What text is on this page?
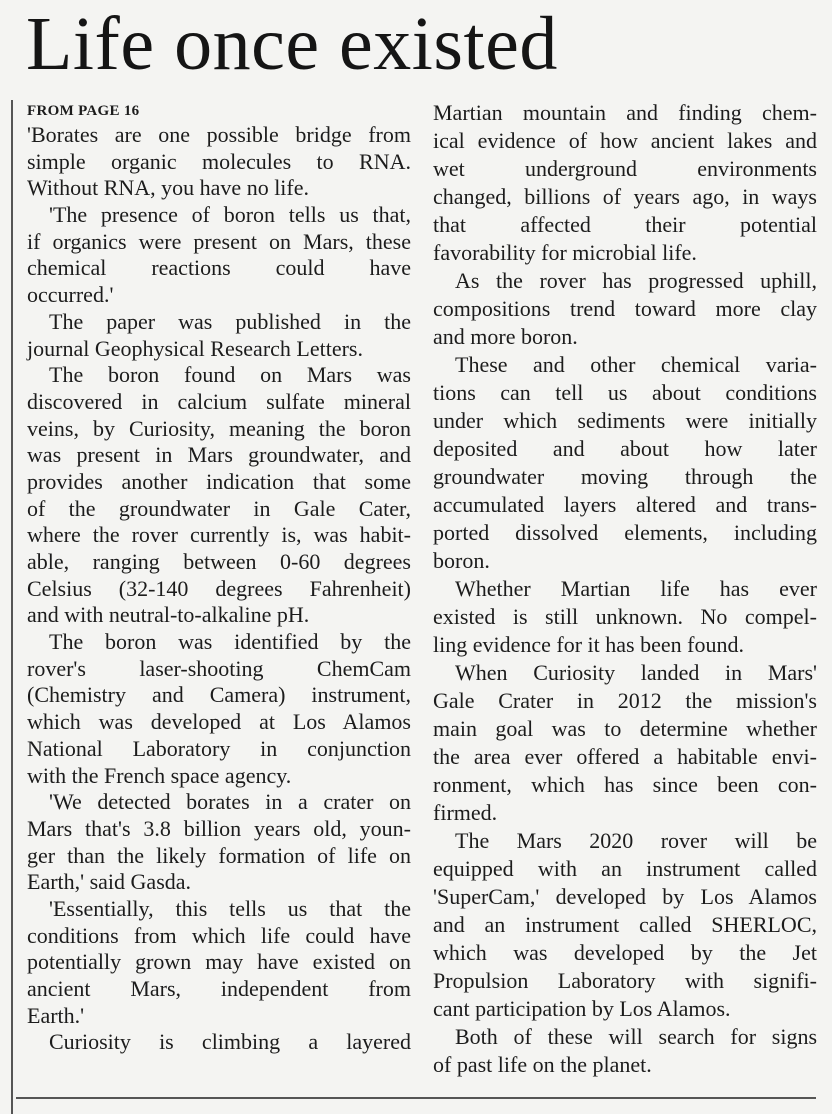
Life once existed
FROM PAGE 16
'Borates are one possible bridge from
simple organic molecules to RNA.
Without RNA, you have no life.
'The presence of boron tells us that,
if organics were present on Mars, these
chemical reactions could have
occurred.'
The paper was published in the
journal Geophysical Research Letters.
The boron found on Mars was
discovered in calcium sulfate mineral
veins, by Curiosity, meaning the boron
was present in Mars groundwater, and
provides another indication that some
of the groundwater in Gale Cater,
where the rover currently is, was habit-
able, ranging between 0-60 degrees
Celsius (32-140 degrees Fahrenheit)
and with neutral-to-alkaline pH.
The boron was identified by the
rover's laser-shooting ChemCam
(Chemistry and Camera) instrument,
which was developed at Los Alamos
National Laboratory in conjunction
with the French space agency.
'We detected borates in a crater on
Mars that's 3.8 billion years old, youn-
ger than the likely formation of life on
Earth,' said Gasda.
'Essentially, this tells us that the
conditions from which life could have
potentially grown may have existed on
ancient Mars, independent from
Earth.'
Curiosity is climbing a layered
Martian mountain and finding chem-
ical evidence of how ancient lakes and
wet underground environments
changed, billions of years ago, in ways
that affected their potential
favorability for microbial life.
As the rover has progressed uphill,
compositions trend toward more clay
and more boron.
These and other chemical varia-
tions can tell us about conditions
under which sediments were initially
deposited and about how later
groundwater moving through the
accumulated layers altered and trans-
ported dissolved elements, including
boron.
Whether Martian life has ever
existed is still unknown. No compel-
ling evidence for it has been found.
When Curiosity landed in Mars'
Gale Crater in 2012 the mission's
main goal was to determine whether
the area ever offered a habitable envi-
ronment, which has since been con-
firmed.
The Mars 2020 rover will be
equipped with an instrument called
'SuperCam,' developed by Los Alamos
and an instrument called SHERLOC,
which was developed by the Jet
Propulsion Laboratory with signifi-
cant participation by Los Alamos.
Both of these will search for signs
of past life on the planet.
